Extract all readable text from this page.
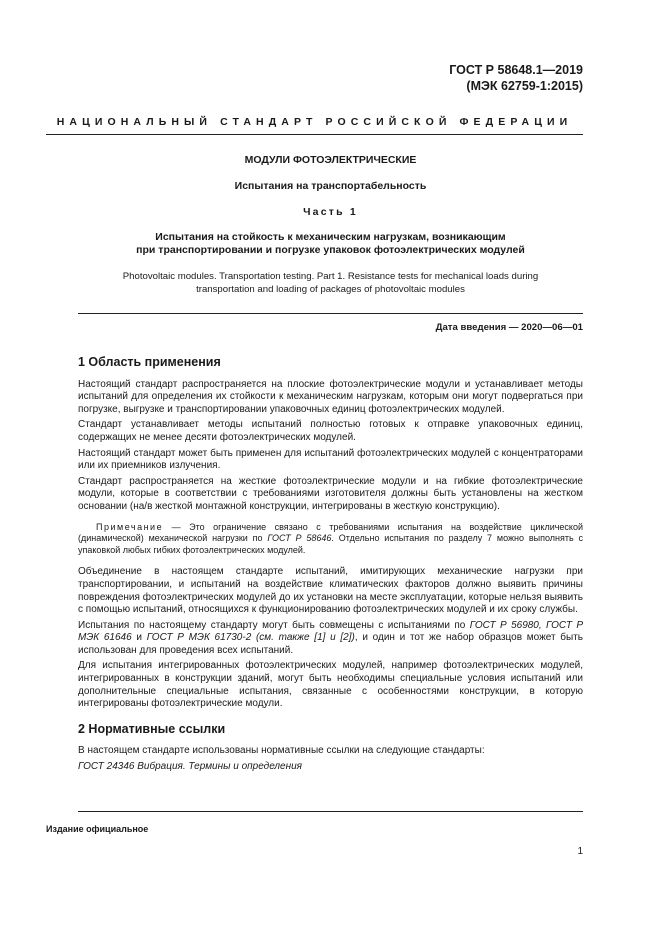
ГОСТ Р 58648.1—2019
(МЭК 62759-1:2015)
НАЦИОНАЛЬНЫЙ СТАНДАРТ РОССИЙСКОЙ ФЕДЕРАЦИИ
МОДУЛИ ФОТОЭЛЕКТРИЧЕСКИЕ
Испытания на транспортабельность
Часть 1
Испытания на стойкость к механическим нагрузкам, возникающим
при транспортировании и погрузке упаковок фотоэлектрических модулей
Photovoltaic modules. Transportation testing. Part 1. Resistance tests for mechanical loads during
transportation and loading of packages of photovoltaic modules
Дата введения — 2020—06—01
1 Область применения

Настоящий стандарт распространяется на плоские фотоэлектрические модули и устанавливает методы испытаний для определения их стойкости к механическим нагрузкам, которым они могут подвергаться при погрузке, выгрузке и транспортировании упаковочных единиц фотоэлектрических модулей.

Стандарт устанавливает методы испытаний полностью готовых к отправке упаковочных единиц, содержащих не менее десяти фотоэлектрических модулей.

Настоящий стандарт может быть применен для испытаний фотоэлектрических модулей с концентраторами или их приемников излучения.

Стандарт распространяется на жесткие фотоэлектрические модули и на гибкие фотоэлектрические модули, которые в соответствии с требованиями изготовителя должны быть установлены на жестком основании (на/в жесткой монтажной конструкции, интегрированы в жесткую конструкцию).

Примечание — Это ограничение связано с требованиями испытания на воздействие циклической (динамической) механической нагрузки по ГОСТ Р 58646. Отдельно испытания по разделу 7 можно выполнять с упаковкой любых гибких фотоэлектрических модулей.

Объединение в настоящем стандарте испытаний, имитирующих механические нагрузки при транспортировании, и испытаний на воздействие климатических факторов должно выявить причины повреждения фотоэлектрических модулей до их установки на месте эксплуатации, которые нельзя выявить с помощью испытаний, относящихся к функционированию фотоэлектрических модулей и их сроку службы.

Испытания по настоящему стандарту могут быть совмещены с испытаниями по ГОСТ Р 56980, ГОСТ Р МЭК 61646 и ГОСТ Р МЭК 61730-2 (см. также [1] и [2]), и один и тот же набор образцов может быть использован для проведения всех испытаний.

Для испытания интегрированных фотоэлектрических модулей, например фотоэлектрических модулей, интегрированных в конструкции зданий, могут быть необходимы специальные условия испытаний или дополнительные специальные испытания, связанные с особенностями конструкции, в которую интегрированы фотоэлектрические модули.

2 Нормативные ссылки

В настоящем стандарте использованы нормативные ссылки на следующие стандарты:

ГОСТ 24346 Вибрация. Термины и определения

Издание официальное
1
